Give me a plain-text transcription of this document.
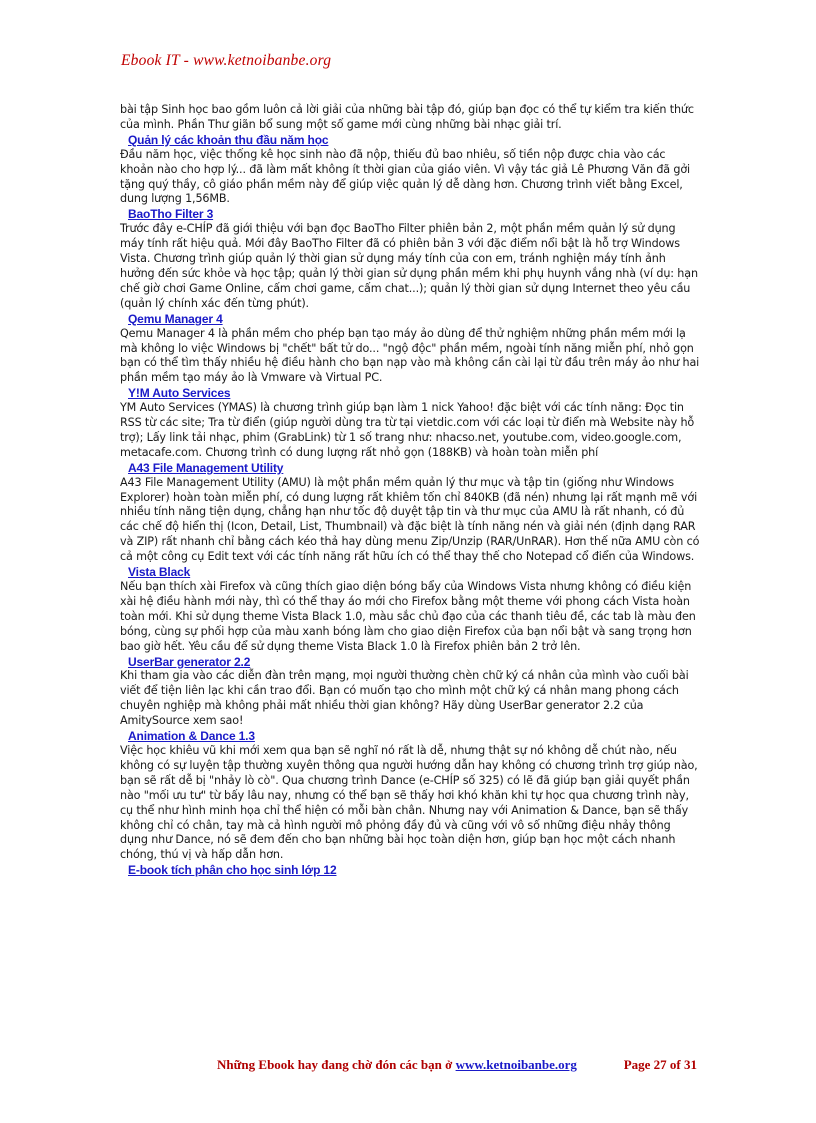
Ebook IT - www.ketnoibanbe.org

bài tập Sinh học bao gồm luôn cả lời giải của những bài tập đó, giúp bạn đọc có thể tự kiểm tra kiến thức của mình. Phần Thư giãn bổ sung một số game mới cùng những bài nhạc giải trí.

Quản lý các khoản thu đầu năm học

Đầu năm học, việc thống kê học sinh nào đã nộp, thiếu đủ bao nhiêu, số tiền nộp được chia vào các khoản nào cho hợp lý... đã làm mất không ít thời gian của giáo viên. Vì vậy tác giả Lê Phương Văn đã gởi tặng quý thầy, cô giáo phần mềm này để giúp việc quản lý dễ dàng hơn. Chương trình viết bằng Excel, dung lượng 1,56MB.

BaoTho Filter 3

Trước đây e-CHÍP đã giới thiệu với bạn đọc BaoTho Filter phiên bản 2, một phần mềm quản lý sử dụng máy tính rất hiệu quả. Mới đây BaoTho Filter đã có phiên bản 3 với đặc điểm nổi bật là hỗ trợ Windows Vista. Chương trình giúp quản lý thời gian sử dụng máy tính của con em, tránh nghiện máy tính ảnh hưởng đến sức khỏe và học tập; quản lý thời gian sử dụng phần mềm khi phụ huynh vắng nhà (ví dụ: hạn chế giờ chơi Game Online, cấm chơi game, cấm chat...); quản lý thời gian sử dụng Internet theo yêu cầu (quản lý chính xác đến từng phút).

Qemu Manager 4

Qemu Manager 4 là phần mềm cho phép bạn tạo máy ảo dùng để thử nghiệm những phần mềm mới lạ mà không lo việc Windows bị "chết" bất tử do... "ngộ độc" phần mềm, ngoài tính năng miễn phí, nhỏ gọn bạn có thể tìm thấy nhiều hệ điều hành cho bạn nạp vào mà không cần cài lại từ đầu trên máy ảo như hai phần mềm tạo máy ảo là Vmware và Virtual PC.

Y!M Auto Services

YM Auto Services (YMAS) là chương trình giúp bạn làm 1 nick Yahoo! đặc biệt với các tính năng: Đọc tin RSS từ các site; Tra từ điển (giúp người dùng tra từ tại vietdic.com với các loại từ điển mà Website này hỗ trợ); Lấy link tải nhạc, phim (GrabLink) từ 1 số trang như: nhacso.net, youtube.com, video.google.com, metacafe.com. Chương trình có dung lượng rất nhỏ gọn (188KB) và hoàn toàn miễn phí

A43 File Management Utility

A43 File Management Utility (AMU) là một phần mềm quản lý thư mục và tập tin (giống như Windows Explorer) hoàn toàn miễn phí, có dung lượng rất khiêm tốn chỉ 840KB (đã nén) nhưng lại rất mạnh mẽ với nhiều tính năng tiện dụng, chẳng hạn như tốc độ duyệt tập tin và thư mục của AMU là rất nhanh, có đủ các chế độ hiển thị (Icon, Detail, List, Thumbnail) và đặc biệt là tính năng nén và giải nén (định dạng RAR và ZIP) rất nhanh chỉ bằng cách kéo thả hay dùng menu Zip/Unzip (RAR/UnRAR). Hơn thế nữa AMU còn có cả một công cụ Edit text với các tính năng rất hữu ích có thể thay thế cho Notepad cổ điển của Windows.

Vista Black

Nếu bạn thích xài Firefox và cũng thích giao diện bóng bẩy của Windows Vista nhưng không có điều kiện xài hệ điều hành mới này, thì có thể thay áo mới cho Firefox bằng một theme với phong cách Vista hoàn toàn mới. Khi sử dụng theme Vista Black 1.0, màu sắc chủ đạo của các thanh tiêu đề, các tab là màu đen bóng, cùng sự phối hợp của màu xanh bóng làm cho giao diện Firefox của bạn nổi bật và sang trọng hơn bao giờ hết. Yêu cầu để sử dụng theme Vista Black 1.0 là Firefox phiên bản 2 trở lên.

UserBar generator 2.2

Khi tham gia vào các diễn đàn trên mạng, mọi người thường chèn chữ ký cá nhân của mình vào cuối bài viết để tiện liên lạc khi cần trao đổi. Bạn có muốn tạo cho mình một chữ ký cá nhân mang phong cách chuyên nghiệp mà không phải mất nhiều thời gian không? Hãy dùng UserBar generator 2.2 của AmitySource xem sao!

Animation & Dance 1.3

Việc học khiêu vũ khi mới xem qua bạn sẽ nghĩ nó rất là dễ, nhưng thật sự nó không dễ chút nào, nếu không có sự luyện tập thường xuyên thông qua người hướng dẫn hay không có chương trình trợ giúp nào, bạn sẽ rất dễ bị "nhảy lò cò". Qua chương trình Dance (e-CHÍP số 325) có lẽ đã giúp bạn giải quyết phần nào "mối ưu tư" từ bấy lâu nay, nhưng có thể bạn sẽ thấy hơi khó khăn khi tự học qua chương trình này, cụ thể như hình minh họa chỉ thể hiện có mỗi bàn chân. Nhưng nay với Animation & Dance, bạn sẽ thấy không chỉ có chân, tay mà cả hình người mô phỏng đầy đủ và cũng với vô số những điệu nhảy thông dụng như Dance, nó sẽ đem đến cho bạn những bài học toàn diện hơn, giúp bạn học một cách nhanh chóng, thú vị và hấp dẫn hơn.

E-book tích phân cho học sinh lớp 12
Những Ebook hay đang chờ đón các bạn ở www.ketnoibanbe.org	Page 27 of 31
